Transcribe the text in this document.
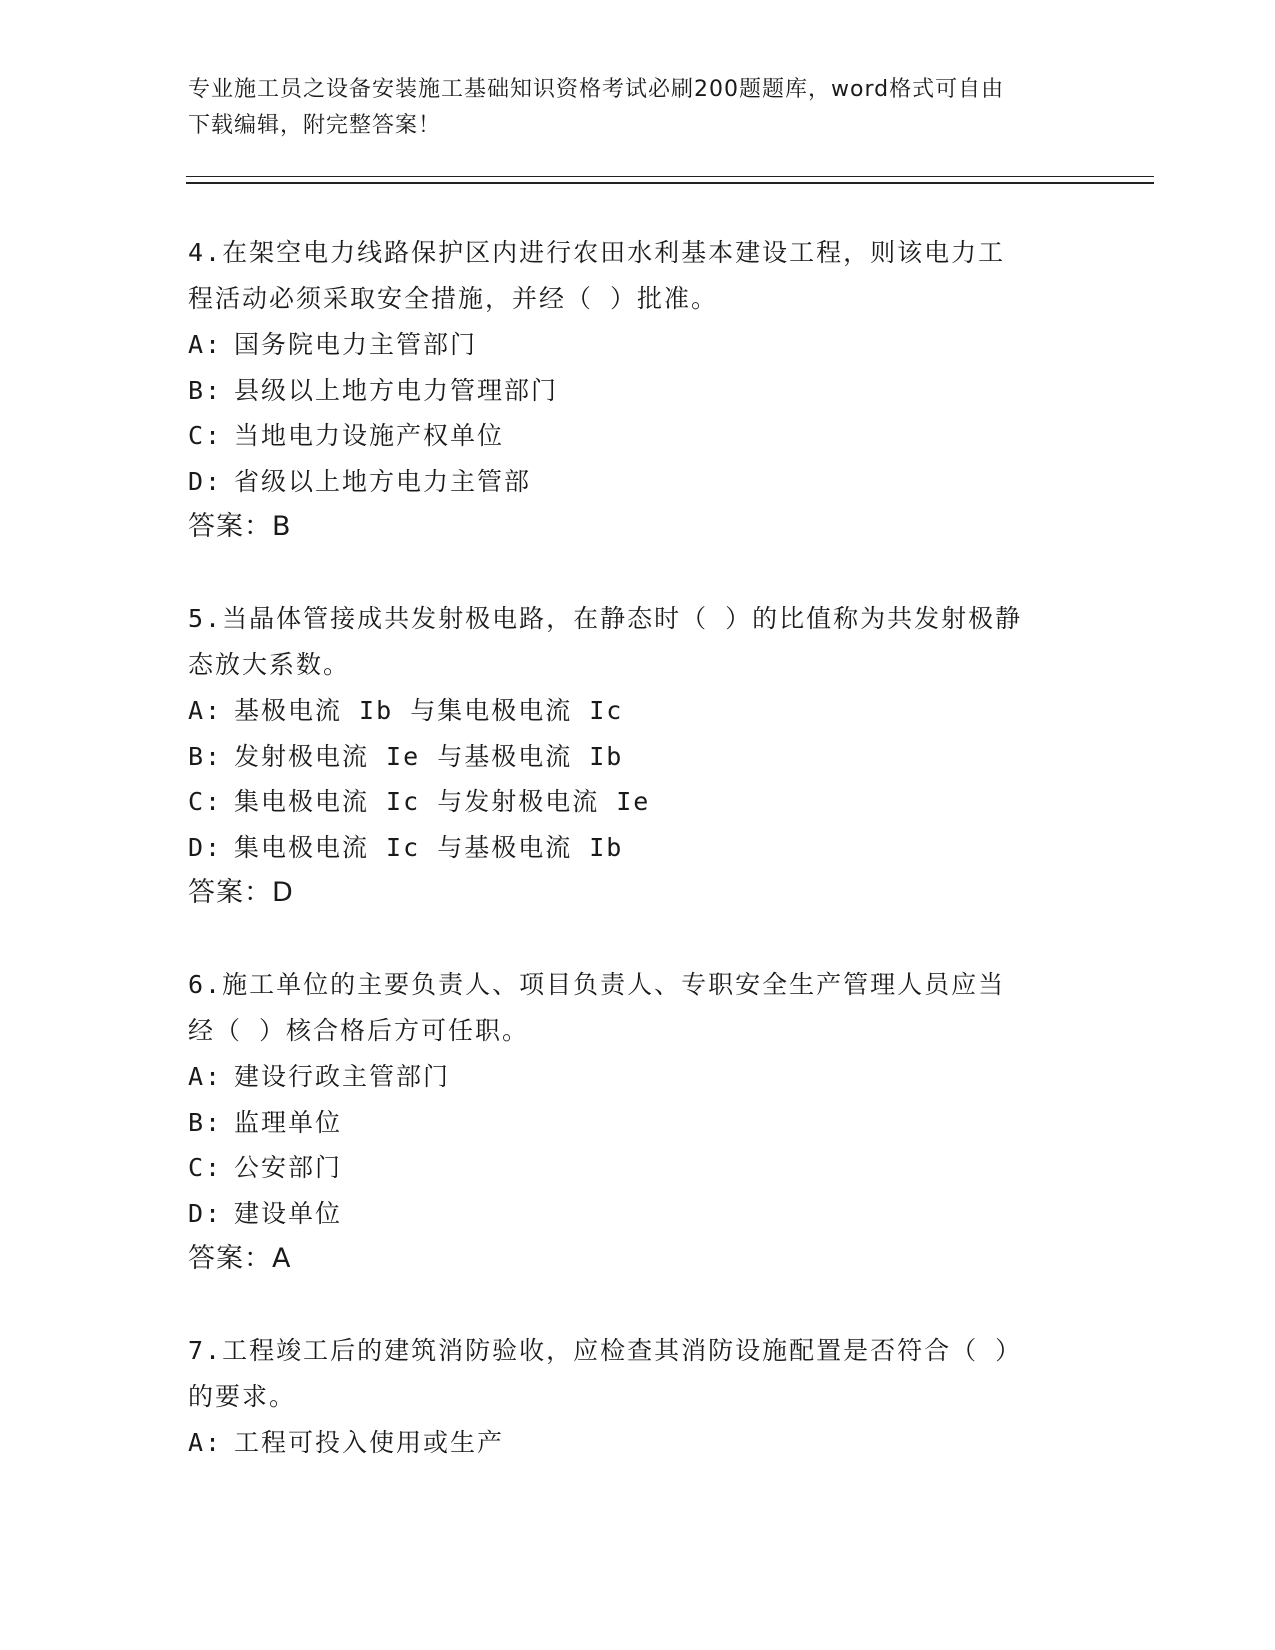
专业施工员之设备安装施工基础知识资格考试必刷200题题库，word格式可自由
下载编辑，附完整答案！
4.在架空电力线路保护区内进行农田水利基本建设工程，则该电力工
程活动必须采取安全措施，并经（ ）批准。
A: 国务院电力主管部门
B: 县级以上地方电力管理部门
C: 当地电力设施产权单位
D: 省级以上地方电力主管部
答案：B
5.当晶体管接成共发射极电路，在静态时（ ）的比值称为共发射极静
态放大系数。
A: 基极电流 Ib 与集电极电流 Ic
B: 发射极电流 Ie 与基极电流 Ib
C: 集电极电流 Ic 与发射极电流 Ie
D: 集电极电流 Ic 与基极电流 Ib
答案：D
6.施工单位的主要负责人、项目负责人、专职安全生产管理人员应当
经（ ）核合格后方可任职。
A: 建设行政主管部门
B: 监理单位
C: 公安部门
D: 建设单位
答案：A
7.工程竣工后的建筑消防验收，应检查其消防设施配置是否符合（ ）
的要求。
A: 工程可投入使用或生产
